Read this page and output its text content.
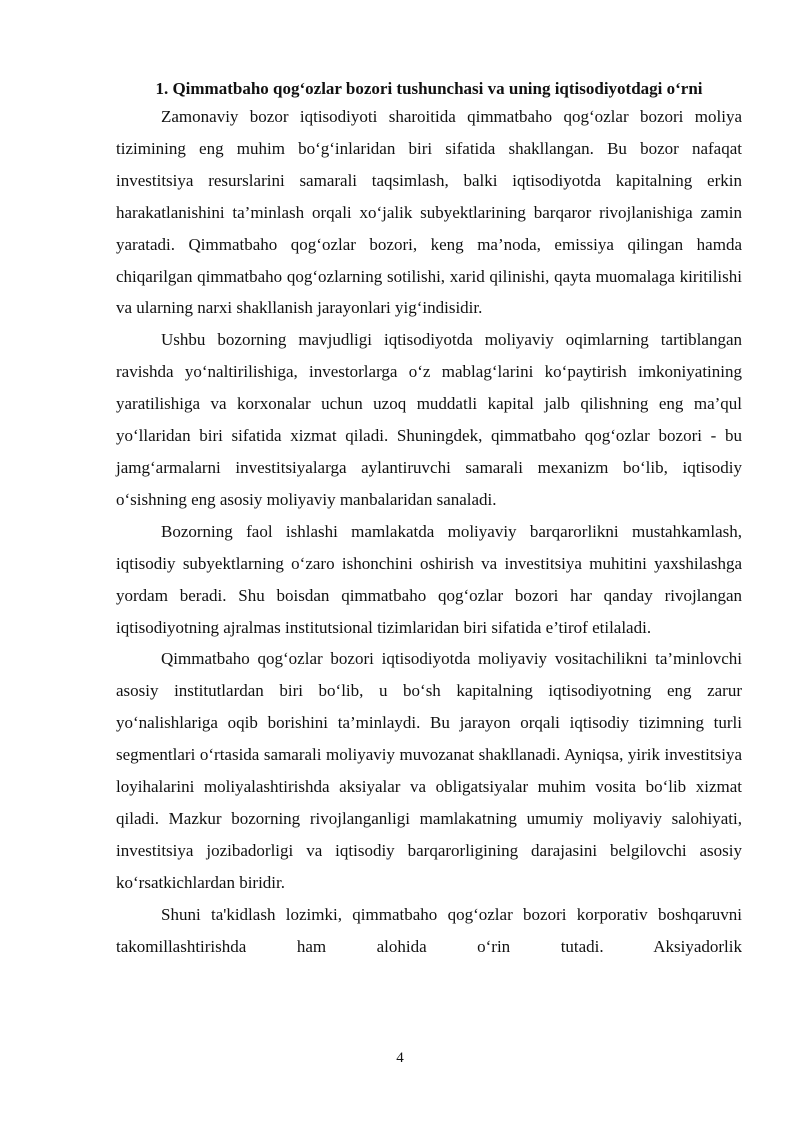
1. Qimmatbaho qog‘ozlar bozori tushunchasi va uning iqtisodiyotdagi o‘rni

Zamonaviy bozor iqtisodiyoti sharoitida qimmatbaho qog‘ozlar bozori moliya tizimining eng muhim bo‘g‘inlaridan biri sifatida shakllangan. Bu bozor nafaqat investitsiya resurslarini samarali taqsimlash, balki iqtisodiyotda kapitalning erkin harakatlanishini ta’minlash orqali xo‘jalik subyektlarining barqaror rivojlanishiga zamin yaratadi. Qimmatbaho qog‘ozlar bozori, keng ma’noda, emissiya qilingan hamda chiqarilgan qimmatbaho qog‘ozlarning sotilishi, xarid qilinishi, qayta muomalaga kiritilishi va ularning narxi shakllanish jarayonlari yig‘indisidir.

Ushbu bozorning mavjudligi iqtisodiyotda moliyaviy oqimlarning tartiblangan ravishda yo‘naltirilishiga, investorlarga o‘z mablag‘larini ko‘paytirish imkoniyatining yaratilishiga va korxonalar uchun uzoq muddatli kapital jalb qilishning eng ma’qul yo‘llaridan biri sifatida xizmat qiladi. Shuningdek, qimmatbaho qog‘ozlar bozori - bu jamg‘armalarni investitsiyalarga aylantiruvchi samarali mexanizm bo‘lib, iqtisodiy o‘sishning eng asosiy moliyaviy manbalaridan sanaladi.

Bozorning faol ishlashi mamlakatda moliyaviy barqarorlikni mustahkamlash, iqtisodiy subyektlarning o‘zaro ishonchini oshirish va investitsiya muhitini yaxshilashga yordam beradi. Shu boisdan qimmatbaho qog‘ozlar bozori har qanday rivojlangan iqtisodiyotning ajralmas institutsional tizimlaridan biri sifatida e’tirof etilaladi.

Qimmatbaho qog‘ozlar bozori iqtisodiyotda moliyaviy vositachilikni ta’minlovchi asosiy institutlardan biri bo‘lib, u bo‘sh kapitalning iqtisodiyotning eng zarur yo‘nalishlariga oqib borishini ta’minlaydi. Bu jarayon orqali iqtisodiy tizimning turli segmentlari o‘rtasida samarali moliyaviy muvozanat shakllanadi. Ayniqsa, yirik investitsiya loyihalarini moliyalashtirishda aksiyalar va obligatsiyalar muhim vosita bo‘lib xizmat qiladi. Mazkur bozorning rivojlanganligi mamlakatning umumiy moliyaviy salohiyati, investitsiya jozibadorligi va iqtisodiy barqarorligining darajasini belgilovchi asosiy ko‘rsatkichlardan biridir.

Shuni ta'kidlash lozimki, qimmatbaho qog‘ozlar bozori korporativ boshqaruvni takomillashtirishda ham alohida o‘rin tutadi. Aksiyadorlik

4
